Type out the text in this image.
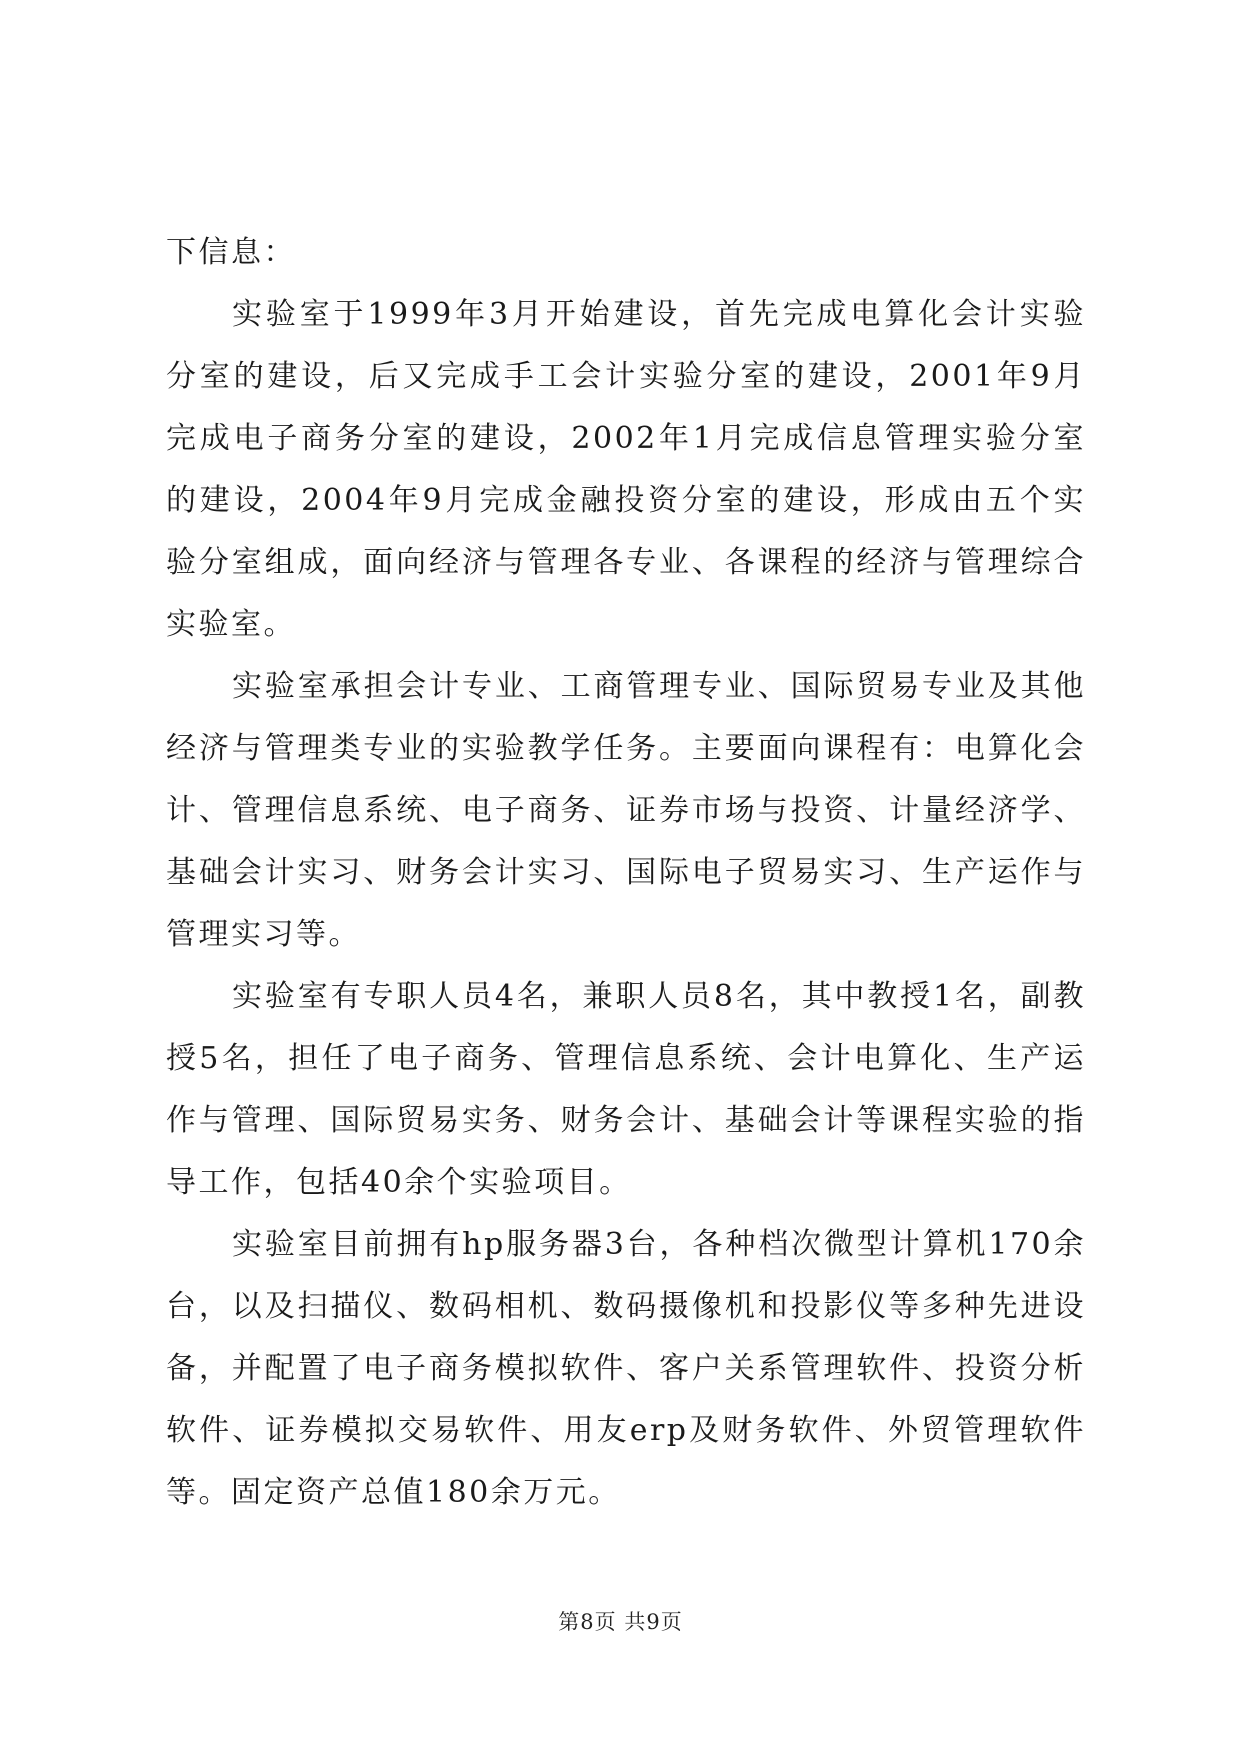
下信息：

实验室于1999年3月开始建设，首先完成电算化会计实验分室的建设，后又完成手工会计实验分室的建设，2001年9月完成电子商务分室的建设，2002年1月完成信息管理实验分室的建设，2004年9月完成金融投资分室的建设，形成由五个实验分室组成，面向经济与管理各专业、各课程的经济与管理综合实验室。

实验室承担会计专业、工商管理专业、国际贸易专业及其他经济与管理类专业的实验教学任务。主要面向课程有：电算化会计、管理信息系统、电子商务、证券市场与投资、计量经济学、基础会计实习、财务会计实习、国际电子贸易实习、生产运作与管理实习等。

实验室有专职人员4名，兼职人员8名，其中教授1名，副教授5名，担任了电子商务、管理信息系统、会计电算化、生产运作与管理、国际贸易实务、财务会计、基础会计等课程实验的指导工作，包括40余个实验项目。

实验室目前拥有hp服务器3台，各种档次微型计算机170余台，以及扫描仪、数码相机、数码摄像机和投影仪等多种先进设备，并配置了电子商务模拟软件、客户关系管理软件、投资分析软件、证券模拟交易软件、用友erp及财务软件、外贸管理软件等。固定资产总值180余万元。

第8页 共9页
